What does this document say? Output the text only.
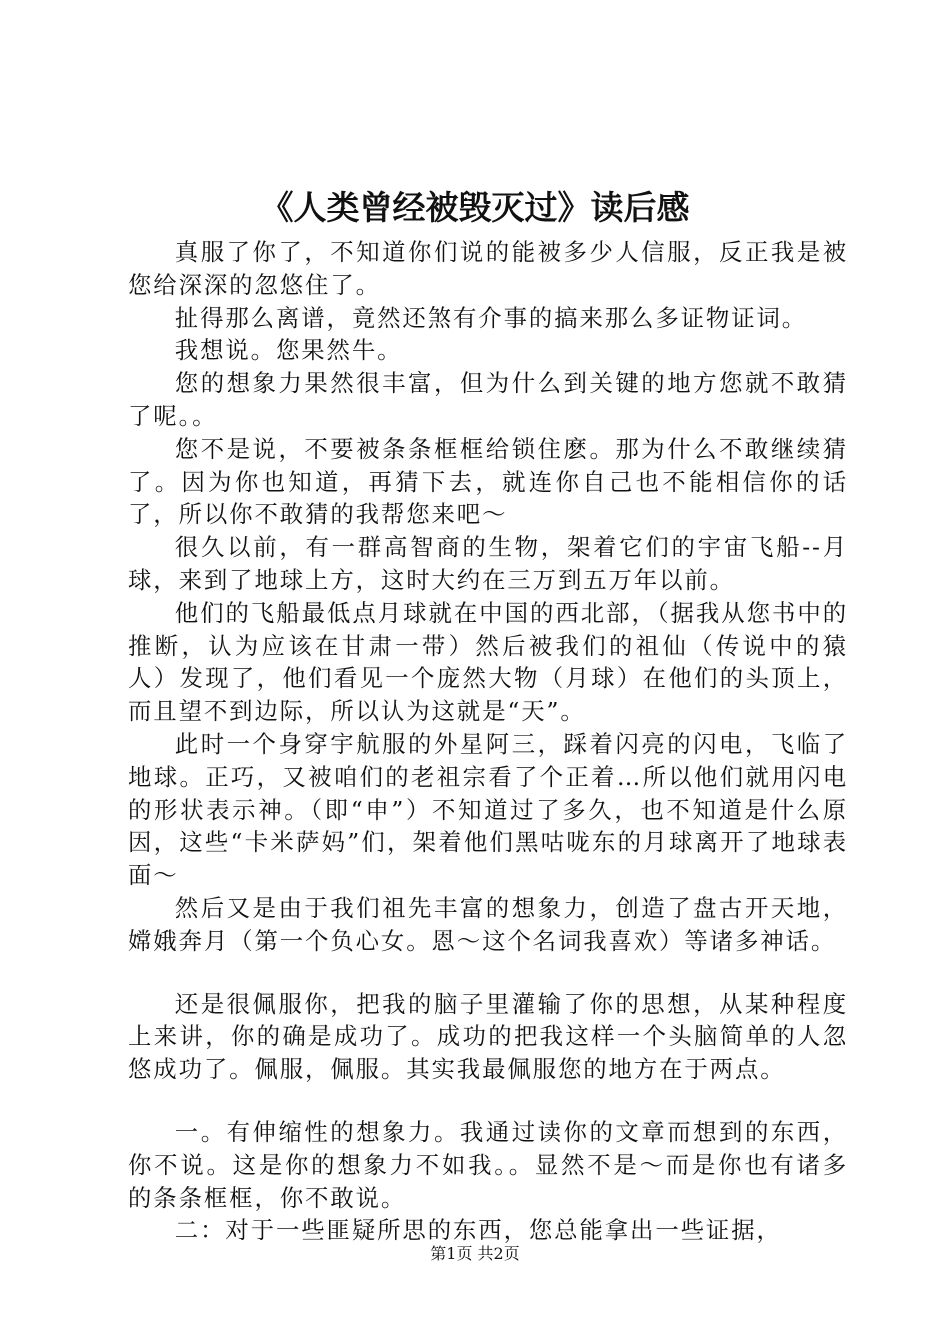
《人类曾经被毁灭过》读后感

真服了你了，不知道你们说的能被多少人信服，反正我是被您给深深的忽悠住了。

扯得那么离谱，竟然还煞有介事的搞来那么多证物证词。

我想说。您果然牛。

您的想象力果然很丰富，但为什么到关键的地方您就不敢猜了呢。。

您不是说，不要被条条框框给锁住麽。那为什么不敢继续猜了。因为你也知道，再猜下去，就连你自己也不能相信你的话了，所以你不敢猜的我帮您来吧～

很久以前，有一群高智商的生物，架着它们的宇宙飞船--月球，来到了地球上方，这时大约在三万到五万年以前。

他们的飞船最低点月球就在中国的西北部，（据我从您书中的推断，认为应该在甘肃一带）然后被我们的祖仙（传说中的猿人）发现了，他们看见一个庞然大物（月球）在他们的头顶上，而且望不到边际，所以认为这就是“天”。

此时一个身穿宇航服的外星阿三，踩着闪亮的闪电，飞临了地球。正巧，又被咱们的老祖宗看了个正着…所以他们就用闪电的形状表示神。（即“申”）不知道过了多久，也不知道是什么原因，这些“卡米萨妈”们，架着他们黑咕咙东的月球离开了地球表面～

然后又是由于我们祖先丰富的想象力，创造了盘古开天地，嫦娥奔月（第一个负心女。恩～这个名词我喜欢）等诸多神话。

还是很佩服你，把我的脑子里灌输了你的思想，从某种程度上来讲，你的确是成功了。成功的把我这样一个头脑简单的人忽悠成功了。佩服，佩服。其实我最佩服您的地方在于两点。

一。有伸缩性的想象力。我通过读你的文章而想到的东西，你不说。这是你的想象力不如我。。显然不是～而是你也有诸多的条条框框，你不敢说。

二：对于一些匪疑所思的东西，您总能拿出一些证据，

第1页 共2页
